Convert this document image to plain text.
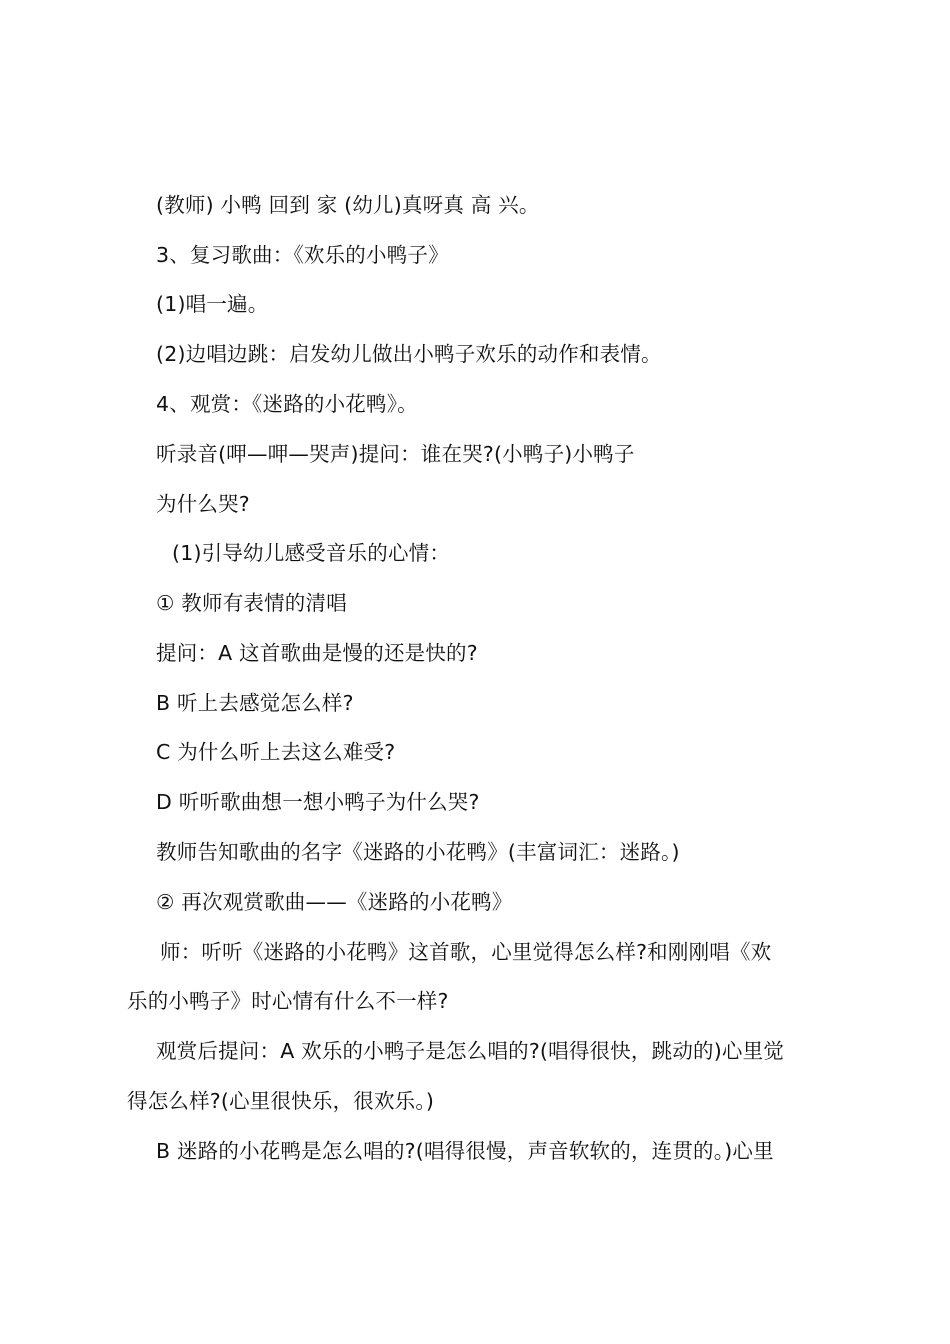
(教师) 小鸭 回到 家 (幼儿)真呀真 高 兴。
3、复习歌曲：《欢乐的小鸭子》
(1)唱一遍。
(2)边唱边跳：启发幼儿做出小鸭子欢乐的动作和表情。
4、观赏：《迷路的小花鸭》。
听录音(呷—呷—哭声)提问：谁在哭?(小鸭子)小鸭子
为什么哭?
(1)引导幼儿感受音乐的心情：
① 教师有表情的清唱
提问：A 这首歌曲是慢的还是快的?
B 听上去感觉怎么样?
C 为什么听上去这么难受?
D 听听歌曲想一想小鸭子为什么哭?
教师告知歌曲的名字《迷路的小花鸭》(丰富词汇：迷路。)
② 再次观赏歌曲——《迷路的小花鸭》
师：听听《迷路的小花鸭》这首歌，心里觉得怎么样?和刚刚唱《欢
乐的小鸭子》时心情有什么不一样?
观赏后提问：A 欢乐的小鸭子是怎么唱的?(唱得很快，跳动的)心里觉
得怎么样?(心里很快乐，很欢乐。)
B 迷路的小花鸭是怎么唱的?(唱得很慢，声音软软的，连贯的。)心里
